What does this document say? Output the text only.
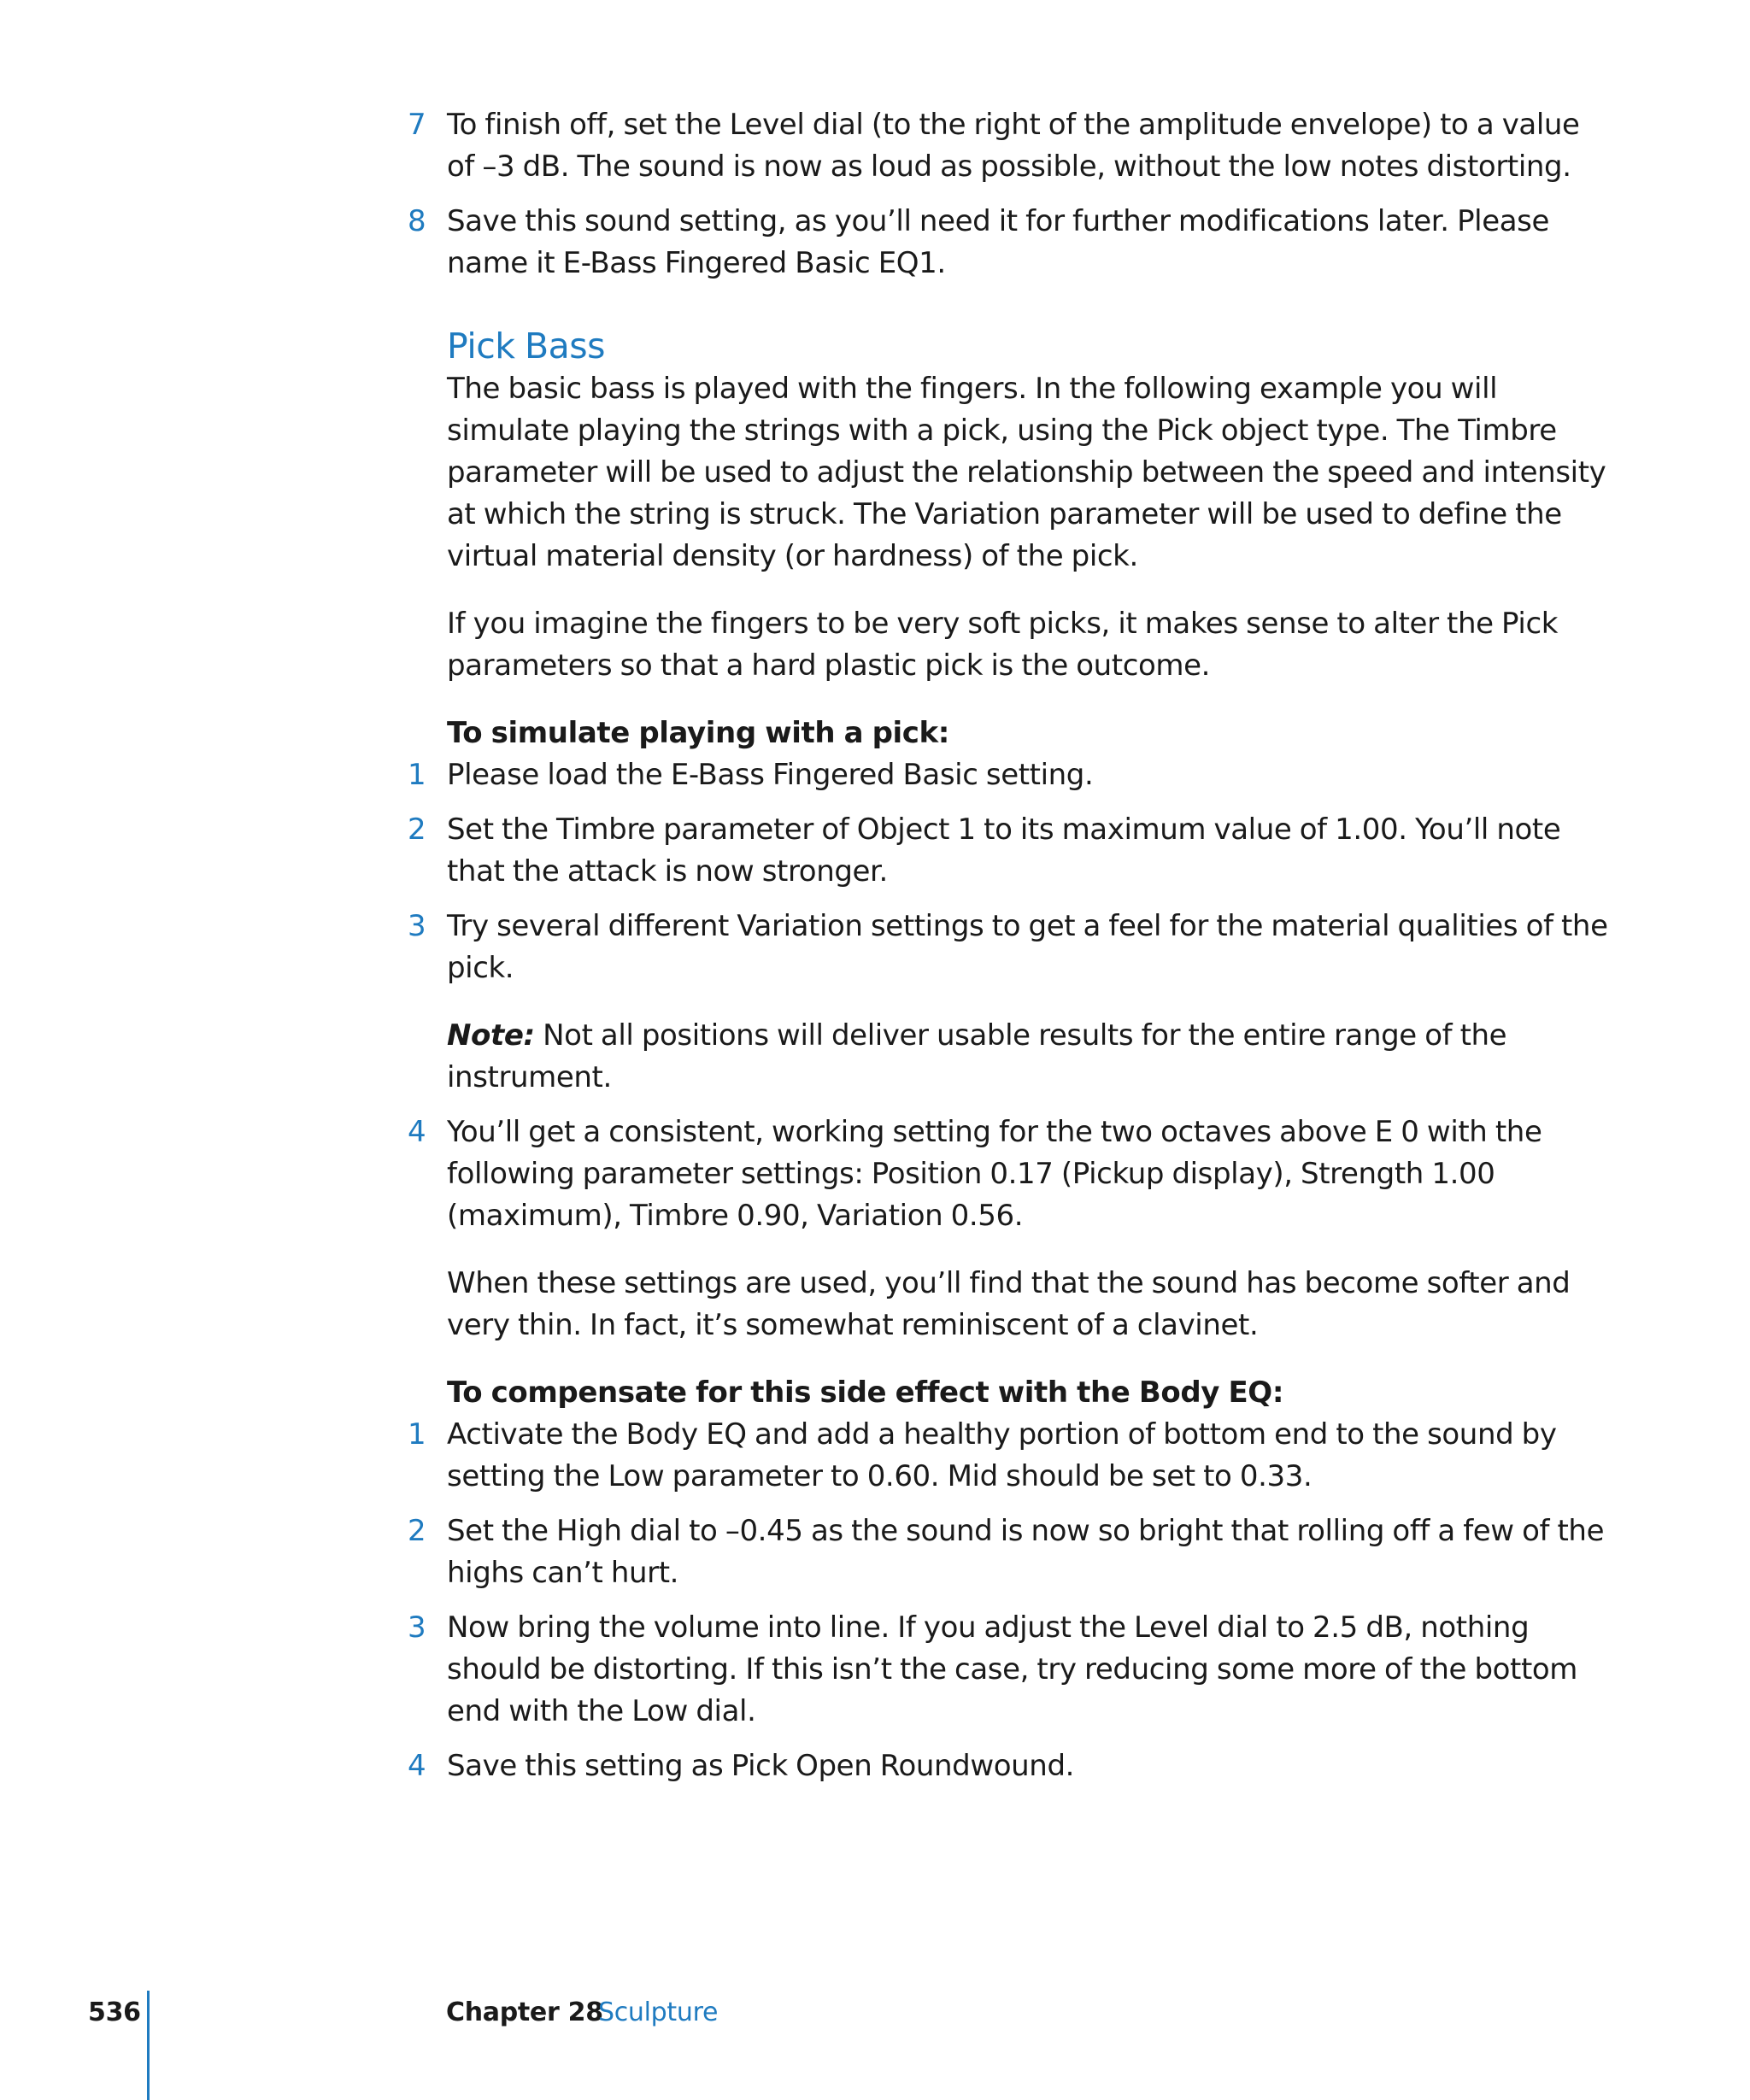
7 To finish off, set the Level dial (to the right of the amplitude envelope) to a value of –3 dB. The sound is now as loud as possible, without the low notes distorting.
8 Save this sound setting, as you’ll need it for further modifications later. Please name it E-Bass Fingered Basic EQ1.
Pick Bass
The basic bass is played with the fingers. In the following example you will simulate playing the strings with a pick, using the Pick object type. The Timbre parameter will be used to adjust the relationship between the speed and intensity at which the string is struck. The Variation parameter will be used to define the virtual material density (or hardness) of the pick.
If you imagine the fingers to be very soft picks, it makes sense to alter the Pick parameters so that a hard plastic pick is the outcome.
To simulate playing with a pick:
1 Please load the E-Bass Fingered Basic setting.
2 Set the Timbre parameter of Object 1 to its maximum value of 1.00. You’ll note that the attack is now stronger.
3 Try several different Variation settings to get a feel for the material qualities of the pick.
Note: Not all positions will deliver usable results for the entire range of the instrument.
4 You’ll get a consistent, working setting for the two octaves above E 0 with the following parameter settings: Position 0.17 (Pickup display), Strength 1.00 (maximum), Timbre 0.90, Variation 0.56.
When these settings are used, you’ll find that the sound has become softer and very thin. In fact, it’s somewhat reminiscent of a clavinet.
To compensate for this side effect with the Body EQ:
1 Activate the Body EQ and add a healthy portion of bottom end to the sound by setting the Low parameter to 0.60. Mid should be set to 0.33.
2 Set the High dial to –0.45 as the sound is now so bright that rolling off a few of the highs can’t hurt.
3 Now bring the volume into line. If you adjust the Level dial to 2.5 dB, nothing should be distorting. If this isn’t the case, try reducing some more of the bottom end with the Low dial.
4 Save this setting as Pick Open Roundwound.
536	Chapter 28
Sculpture
